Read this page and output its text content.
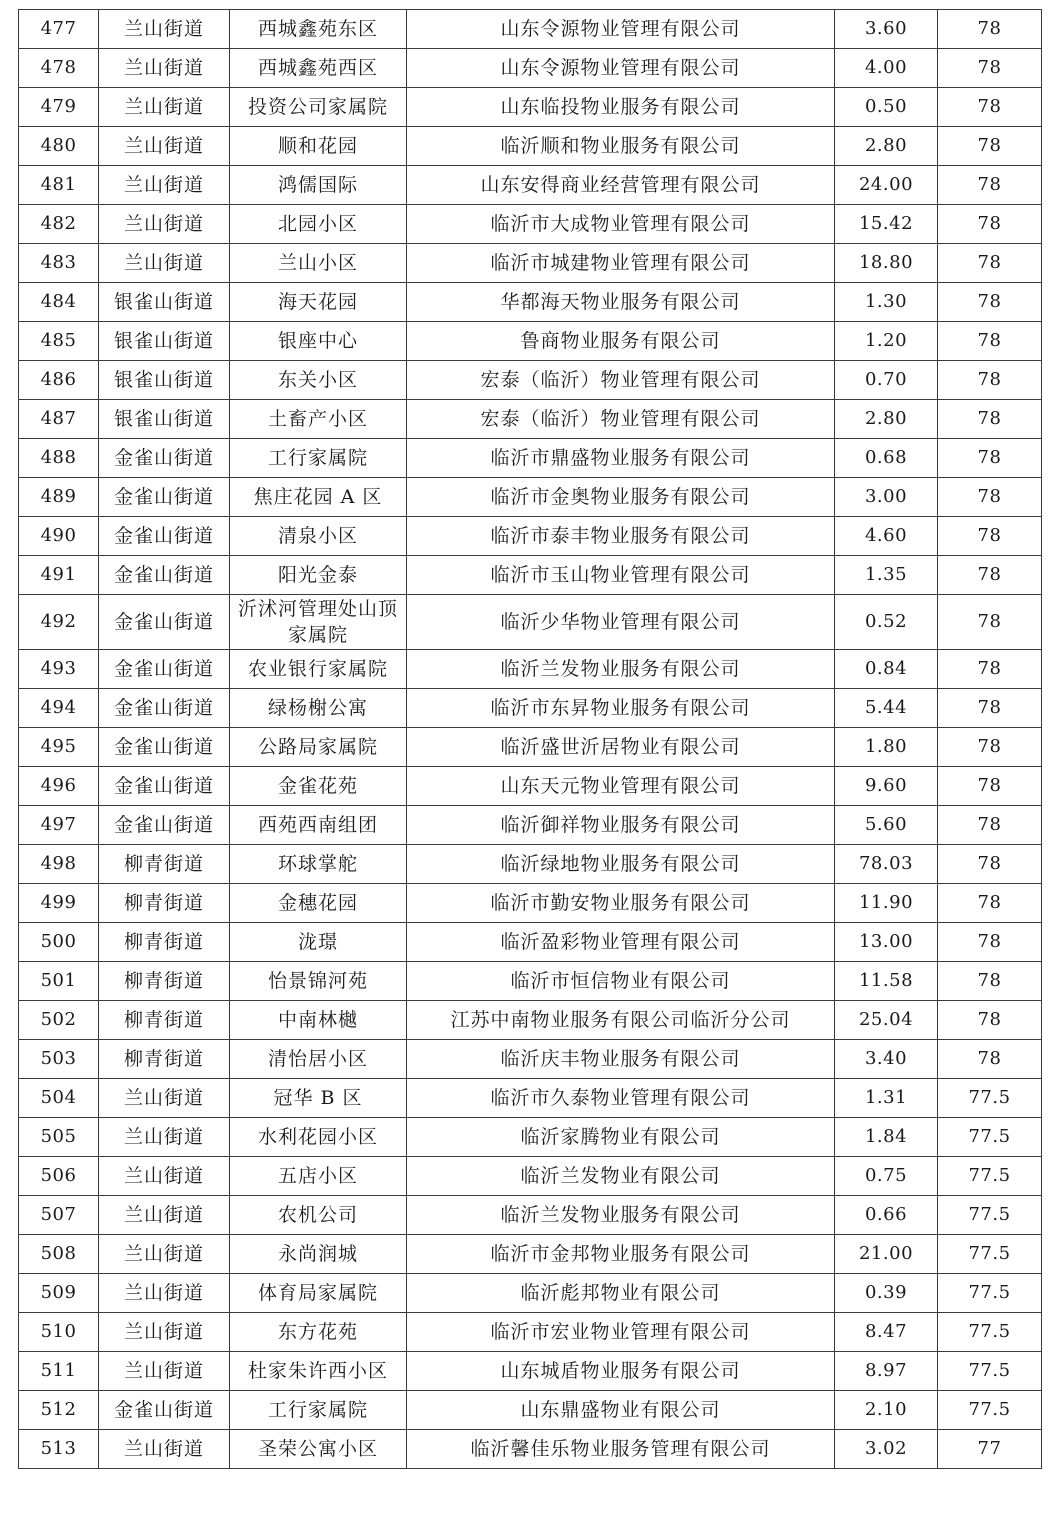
477	兰山街道	西城鑫苑东区	山东令源物业管理有限公司	3.60	78
478	兰山街道	西城鑫苑西区	山东令源物业管理有限公司	4.00	78
479	兰山街道	投资公司家属院	山东临投物业服务有限公司	0.50	78
480	兰山街道	顺和花园	临沂顺和物业服务有限公司	2.80	78
481	兰山街道	鸿儒国际	山东安得商业经营管理有限公司	24.00	78
482	兰山街道	北园小区	临沂市大成物业管理有限公司	15.42	78
483	兰山街道	兰山小区	临沂市城建物业管理有限公司	18.80	78
484	银雀山街道	海天花园	华都海天物业服务有限公司	1.30	78
485	银雀山街道	银座中心	鲁商物业服务有限公司	1.20	78
486	银雀山街道	东关小区	宏泰（临沂）物业管理有限公司	0.70	78
487	银雀山街道	土畜产小区	宏泰（临沂）物业管理有限公司	2.80	78
488	金雀山街道	工行家属院	临沂市鼎盛物业服务有限公司	0.68	78
489	金雀山街道	焦庄花园 A 区	临沂市金奥物业服务有限公司	3.00	78
490	金雀山街道	清泉小区	临沂市泰丰物业服务有限公司	4.60	78
491	金雀山街道	阳光金泰	临沂市玉山物业管理有限公司	1.35	78
492	金雀山街道	沂沭河管理处山顶家属院	临沂少华物业管理有限公司	0.52	78
493	金雀山街道	农业银行家属院	临沂兰发物业服务有限公司	0.84	78
494	金雀山街道	绿杨榭公寓	临沂市东昇物业服务有限公司	5.44	78
495	金雀山街道	公路局家属院	临沂盛世沂居物业有限公司	1.80	78
496	金雀山街道	金雀花苑	山东天元物业管理有限公司	9.60	78
497	金雀山街道	西苑西南组团	临沂御祥物业服务有限公司	5.60	78
498	柳青街道	环球掌舵	临沂绿地物业服务有限公司	78.03	78
499	柳青街道	金穗花园	临沂市勤安物业服务有限公司	11.90	78
500	柳青街道	泷璟	临沂盈彩物业管理有限公司	13.00	78
501	柳青街道	怡景锦河苑	临沂市恒信物业有限公司	11.58	78
502	柳青街道	中南林樾	江苏中南物业服务有限公司临沂分公司	25.04	78
503	柳青街道	清怡居小区	临沂庆丰物业服务有限公司	3.40	78
504	兰山街道	冠华 B 区	临沂市久泰物业管理有限公司	1.31	77.5
505	兰山街道	水利花园小区	临沂家腾物业有限公司	1.84	77.5
506	兰山街道	五店小区	临沂兰发物业有限公司	0.75	77.5
507	兰山街道	农机公司	临沂兰发物业服务有限公司	0.66	77.5
508	兰山街道	永尚润城	临沂市金邦物业服务有限公司	21.00	77.5
509	兰山街道	体育局家属院	临沂彪邦物业有限公司	0.39	77.5
510	兰山街道	东方花苑	临沂市宏业物业管理有限公司	8.47	77.5
511	兰山街道	杜家朱许西小区	山东城盾物业服务有限公司	8.97	77.5
512	金雀山街道	工行家属院	山东鼎盛物业有限公司	2.10	77.5
513	兰山街道	圣荣公寓小区	临沂馨佳乐物业服务管理有限公司	3.02	77
